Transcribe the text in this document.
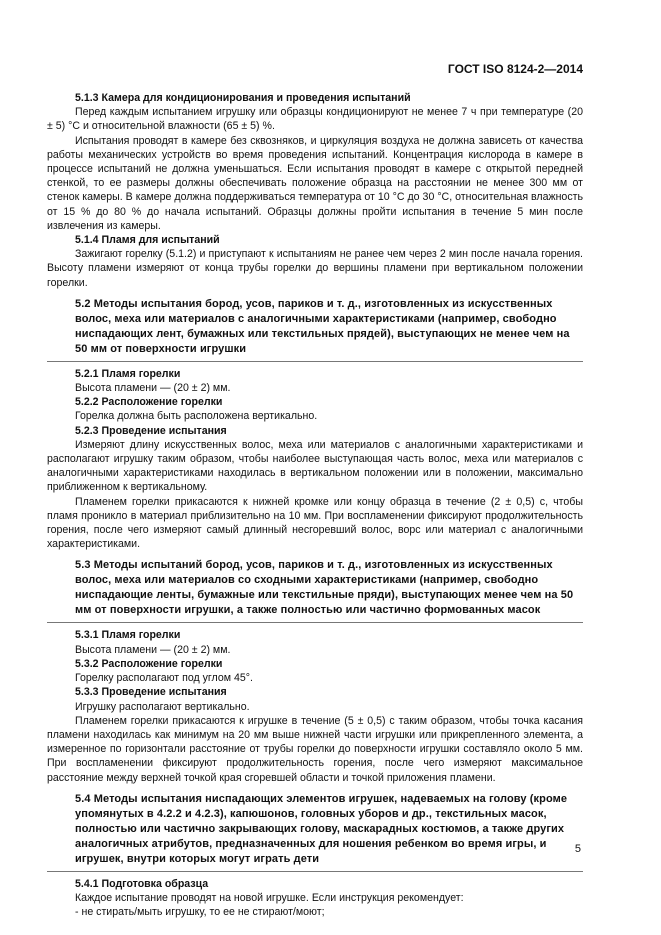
ГОСТ ISO 8124-2—2014

5.1.3 Камера для кондиционирования и проведения испытаний

Перед каждым испытанием игрушку или образцы кондиционируют не менее 7 ч при температуре (20 ± 5) °С и относительной влажности (65 ± 5) %.

Испытания проводят в камере без сквозняков, и циркуляция воздуха не должна зависеть от качества работы механических устройств во время проведения испытаний. Концентрация кислорода в камере в процессе испытаний не должна уменьшаться. Если испытания проводят в камере с открытой передней стенкой, то ее размеры должны обеспечивать положение образца на расстоянии не менее 300 мм от стенок камеры. В камере должна поддерживаться температура от 10 °С до 30 °С, относительная влажность от 15 % до 80 % до начала испытаний. Образцы должны пройти испытания в течение 5 мин после извлечения из камеры.

5.1.4 Пламя для испытаний

Зажигают горелку (5.1.2) и приступают к испытаниям не ранее чем через 2 мин после начала горения. Высоту пламени измеряют от конца трубы горелки до вершины пламени при вертикальном положении горелки.

5.2 Методы испытания бород, усов, париков и т. д., изготовленных из искусственных волос, меха или материалов с аналогичными характеристиками (например, свободно ниспадающих лент, бумажных или текстильных прядей), выступающих не менее чем на 50 мм от поверхности игрушки

5.2.1 Пламя горелки

Высота пламени — (20 ± 2) мм.

5.2.2 Расположение горелки

Горелка должна быть расположена вертикально.

5.2.3 Проведение испытания

Измеряют длину искусственных волос, меха или материалов с аналогичными характеристиками и располагают игрушку таким образом, чтобы наиболее выступающая часть волос, меха или материалов с аналогичными характеристиками находилась в вертикальном положении или в положении, максимально приближенном к вертикальному.

Пламенем горелки прикасаются к нижней кромке или концу образца в течение (2 ± 0,5) с, чтобы пламя проникло в материал приблизительно на 10 мм. При воспламенении фиксируют продолжительность горения, после чего измеряют самый длинный несгоревший волос, ворс или материал с аналогичными характеристиками.

5.3 Методы испытаний бород, усов, париков и т. д., изготовленных из искусственных волос, меха или материалов со сходными характеристиками (например, свободно ниспадающие ленты, бумажные или текстильные пряди), выступающих менее чем на 50 мм от поверхности игрушки, а также полностью или частично формованных масок

5.3.1 Пламя горелки

Высота пламени — (20 ± 2) мм.

5.3.2 Расположение горелки

Горелку располагают под углом 45°.

5.3.3 Проведение испытания

Игрушку располагают вертикально.

Пламенем горелки прикасаются к игрушке в течение (5 ± 0,5) с таким образом, чтобы точка касания пламени находилась как минимум на 20 мм выше нижней части игрушки или прикрепленного элемента, а измеренное по горизонтали расстояние от трубы горелки до поверхности игрушки составляло около 5 мм. При воспламенении фиксируют продолжительность горения, после чего измеряют максимальное расстояние между верхней точкой края сгоревшей области и точкой приложения пламени.

5.4 Методы испытания ниспадающих элементов игрушек, надеваемых на голову (кроме упомянутых в 4.2.2 и 4.2.3), капюшонов, головных уборов и др., текстильных масок, полностью или частично закрывающих голову, маскарадных костюмов, а также других аналогичных атрибутов, предназначенных для ношения ребенком во время игры, и игрушек, внутри которых могут играть дети

5.4.1 Подготовка образца

Каждое испытание проводят на новой игрушке. Если инструкция рекомендует:

- не стирать/мыть игрушку, то ее не стирают/моют;

5
